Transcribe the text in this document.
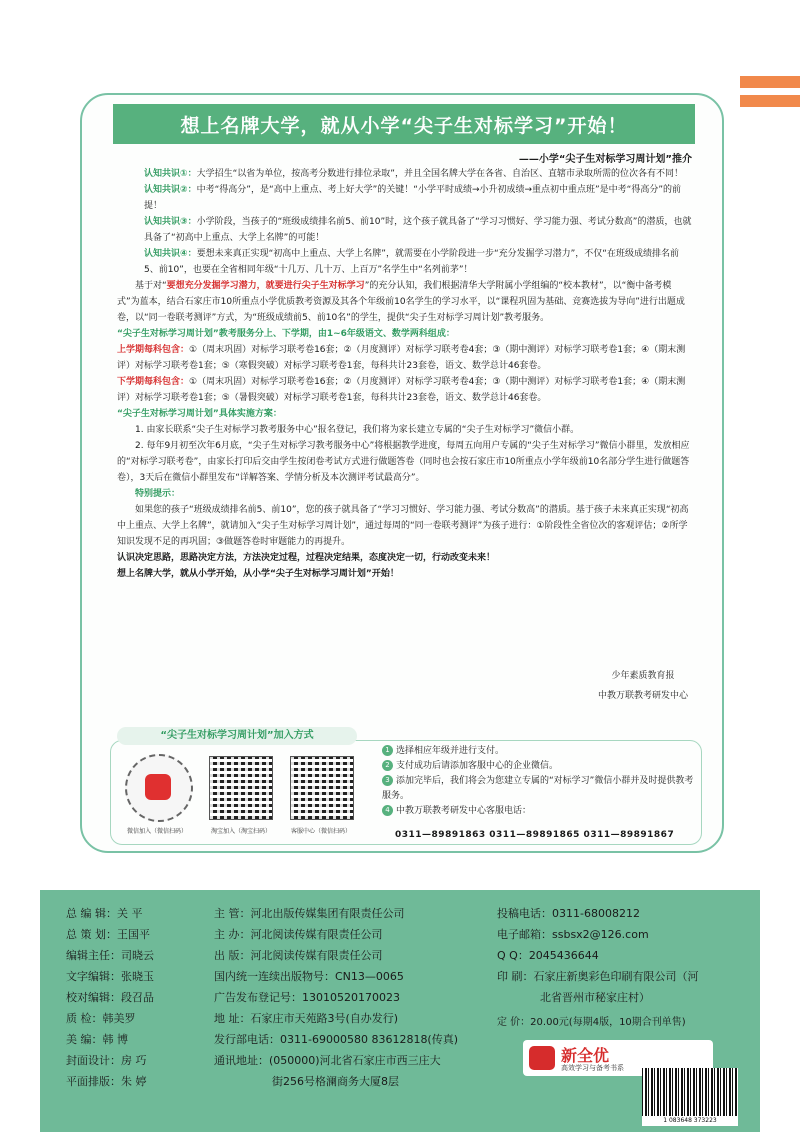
想上名牌大学，就从小学“尖子生对标学习”开始！
——小学“尖子生对标学习周计划”推介

认知共识①：大学招生“以省为单位，按高考分数进行排位录取”，并且全国名牌大学在各省、自治区、直辖市录取所需的位次各有不同！

认知共识②：中考“得高分”，是“高中上重点、考上好大学”的关键！“小学平时成绩→小升初成绩→重点初中重点班”是中考“得高分”的前提！

认知共识③：小学阶段，当孩子的“班级成绩排名前5、前10”时，这个孩子就具备了“学习习惯好、学习能力强、考试分数高”的潜质，也就具备了“初高中上重点、大学上名牌”的可能！

认知共识④：要想未来真正实现“初高中上重点、大学上名牌”，就需要在小学阶段进一步“充分发掘学习潜力”，不仅“在班级成绩排名前5、前10”，也要在全省相同年级“十几万、几十万、上百万”名学生中“名列前茅”！

基于对“要想充分发掘学习潜力，就要进行尖子生对标学习”的充分认知，我们根据清华大学附属小学组编的“校本教材”，以“衡中备考模式”为蓝本，结合石家庄市10所重点小学优质教考资源及其各个年级前10名学生的学习水平，以“课程巩固为基础、竞赛选拔为导向”进行出题成卷，以“同一卷联考测评”方式，为“班级成绩前5、前10名”的学生，提供“尖子生对标学习周计划”教考服务。

“尖子生对标学习周计划”教考服务分上、下学期，由1~6年级语文、数学两科组成：

上学期每科包含：①（周末巩固）对标学习联考卷16套；②（月度测评）对标学习联考卷4套；③（期中测评）对标学习联考卷1套；④（期末测评）对标学习联考卷1套；⑤（寒假突破）对标学习联考卷1套，每科共计23套卷，语文、数学总计46套卷。

下学期每科包含：①（周末巩固）对标学习联考卷16套；②（月度测评）对标学习联考卷4套；③（期中测评）对标学习联考卷1套；④（期末测评）对标学习联考卷1套；⑤（暑假突破）对标学习联考卷1套，每科共计23套卷，语文、数学总计46套卷。

“尖子生对标学习周计划”具体实施方案：

1. 由家长联系“尖子生对标学习教考服务中心”报名登记，我们将为家长建立专属的“尖子生对标学习”微信小群。

2. 每年9月初至次年6月底，“尖子生对标学习教考服务中心”将根据教学进度，每周五向用户专属的“尖子生对标学习”微信小群里，发放相应的“对标学习联考卷”，由家长打印后交由学生按闭卷考试方式进行做题答卷（同时也会按石家庄市10所重点小学年级前10名部分学生进行做题答卷），3天后在微信小群里发布“详解答案、学情分析及本次测评考试最高分”。

特别提示：

如果您的孩子“班级成绩排名前5、前10”，您的孩子就具备了“学习习惯好、学习能力强、考试分数高”的潜质。基于孩子未来真正实现“初高中上重点、大学上名牌”，就请加入“尖子生对标学习周计划”，通过每周的“同一卷联考测评”为孩子进行：①阶段性全省位次的客观评估；②所学知识发现不足的再巩固；③做题答卷时审题能力的再提升。

认识决定思路，思路决定方法，方法决定过程，过程决定结果，态度决定一切，行动改变未来！

想上名牌大学，就从小学开始，从小学“尖子生对标学习周计划”开始！

少年素质教育报
中教万联教考研发中心
“尖子生对标学习周计划”加入方式
微信加入（微信扫码）	淘宝加入（淘宝扫码）	客服中心（微信扫码）
1 选择相应年级并进行支付。
2 支付成功后请添加客服中心的企业微信。
3 添加完毕后，我们将会为您建立专属的“对标学习”微信小群并及时提供教考服务。
4 中教万联教考研发中心客服电话：
0311—89891863 0311—89891865 0311—89891867
总 编 辑：关 平
总 策 划：王国平
编辑主任：司晓云
文字编辑：张晓玉
校对编辑：段召品
质 检：韩美罗
美 编：韩 博
封面设计：房 巧
平面排版：朱 婷
主 管：河北出版传媒集团有限责任公司
主 办：河北阅读传媒有限责任公司
出 版：河北阅读传媒有限责任公司
国内统一连续出版物号：CN13—0065
广告发布登记号：13010520170023
地 址：石家庄市天苑路3号(自办发行)
发行部电话：0311-69000580 83612818(传真)
通讯地址：(050000)河北省石家庄市西三庄大
街256号格澜商务大厦8层
投稿电话：0311-68008212
电子邮箱：ssbsx2@126.com
Q Q：2045436644
印 刷：石家庄新奥彩色印刷有限公司（河
北省晋州市秘家庄村）
定 价：20.00元(每期4版，10期合刊单售)
新全优
高效学习与备考书系
1 083648 373223
